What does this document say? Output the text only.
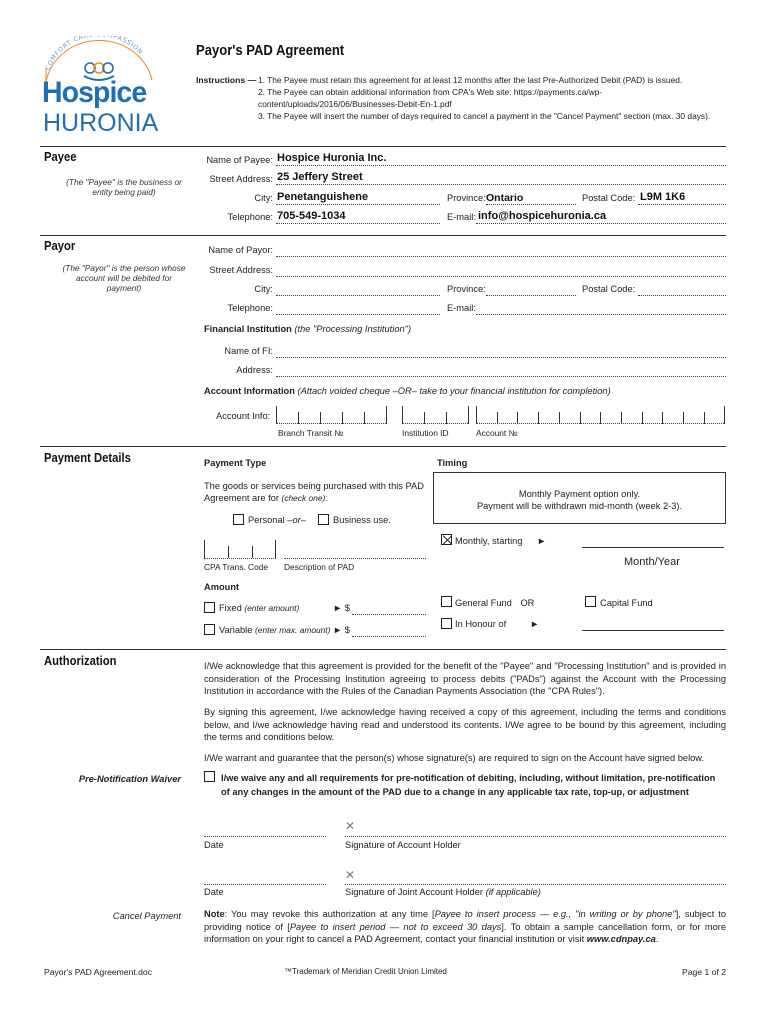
COMFORT CAR PASSION
Hospice
HURONIA
Payor's PAD Agreement
Instructions — 1. The Payee must retain this agreement for at least 12 months after the last Pre-Authorized Debit (PAD) is issued.
2. The Payee can obtain additional information from CPA's Web site: https://payments.ca/wp-
content/uploads/2016/06/Businesses-Debit-En-1.pdf
3. The Payee will insert the number of days required to cancel a payment in the "Cancel Payment" section (max. 30 days).
Payee
(The "Payee" is the business or entity being paid)
Name of Payee: Hospice Huronia Inc.
Street Address: 25 Jeffery Street
City: Penetanguishene	Province: Ontario	Postal Code: L9M 1K6
Telephone: 705-549-1034	E-mail: info@hospicehuronia.ca
Payor
(The "Payor" is the person whose account will be debited for payment)
Name of Payor:
Street Address:
City:	Province:	Postal Code:
Telephone:	E-mail:
Financial Institution (the "Processing Institution")
Name of FI:
Address:
Account Information (Attach voided cheque –OR– take to your financial institution for completion)
Account Info:
Branch Transit №	Institution ID	Account №
Payment Details	Payment Type	Timing
The goods or services being purchased with this PAD
Agreement are for (check one):
Personal –or–	Business use.
Monthly Payment option only.
Payment will be withdrawn mid-month (week 2-3).
CPA Trans. Code Description of PAD
Monthly, starting ►
Month/Year
Amount
Fixed (enter amount)	► $
Variable (enter max. amount) ► $
General Fund OR	Capital Fund
In Honour of	►
Authorization	I/We acknowledge that this agreement is provided for the benefit of the "Payee" and "Processing Institution" and is provided in consideration of the Processing Institution agreeing to process debits ("PADs") against the Account with the Processing Institution in accordance with the Rules of the Canadian Payments Association (the "CPA Rules").
By signing this agreement, I/we acknowledge having received a copy of this agreement, including the terms and conditions below, and I/we acknowledge having read and understood its contents. I/We agree to be bound by this agreement, including the terms and conditions below.
I/We warrant and guarantee that the person(s) whose signature(s) are required to sign on the Account have signed below.
Pre-Notification Waiver	I/we waive any and all requirements for pre-notification of debiting, including, without limitation, pre-notification
of any changes in the amount of the PAD due to a change in any applicable tax rate, top-up, or adjustment
Date
✕
Signature of Account Holder
Date
✕
Signature of Joint Account Holder (if applicable)
Cancel Payment Note: You may revoke this authorization at any time [Payee to insert process — e.g., "in writing or by phone"], subject to providing notice of [Payee to insert period — not to exceed 30 days]. To obtain a sample cancellation form, or for more information on your right to cancel a PAD Agreement, contact your financial institution or visit www.cdnpay.ca.
Payor's PAD Agreement.doc	™Trademark of Meridian Credit Union Limited	Page 1 of 2
